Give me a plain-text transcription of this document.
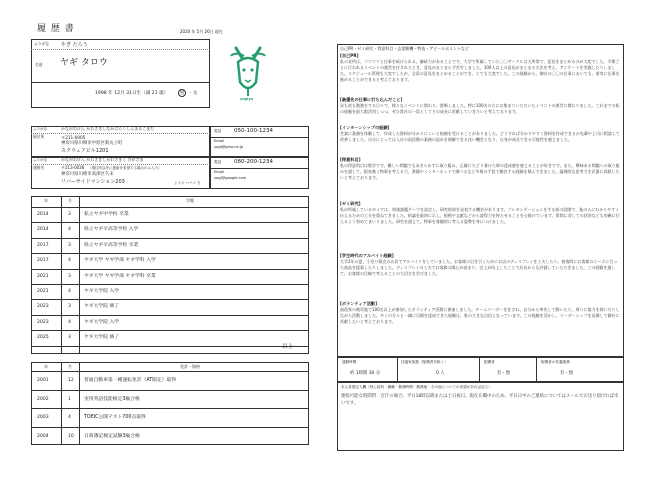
履 歴 書	2020 年 5月 26日 現在
ふりがな やぎ たろう
名前 ヤギ タロウ
1998 年 12月 31日生（満 21 歳）	男 ・ 女
yagiya
ふりがな	かながわけん かわさきしなかはらくしんまるこまち
現住所	〒211-0005
神奈川県川崎市中原区新丸子町
スクウェアビル1201
電話 050-100-1234
Email
yagi@gmo.ne.jp
ふりがな	かながわけん かわさきしかわさきく ひがさま
連絡先	〒213-0036 （現住所以外に連絡を希望する場合のみ入力）
神奈川県川崎市高津区久末
リバーサイドマンション203	ヒツジ ハナコ 方
電話 080-200-1234
Email
yagi@google.com
年	月	学歴
2014	3	私立ヤギ中学校 卒業
2014	4	県立ヤギ羊高等学校 入学
2017	3	県立ヤギ羊高等学校 卒業
2017	4	ヤギ大学 ヤギ学部 ヤギ学科 入学
2021	3	ヤギ大学 ヤギ学部 ヤギ学科 卒業
2021	4	ヤギ大学院 入学
2023	3	ヤギ大学院 修了
2023	4	ヤギ大学院 入学
2025	3	ヤギ大学院 修了
以上
年	月	免許・資格
2001	12 普通自動車第一種運転免許（AT限定）取得
2002	1	実用英語技能検定3級合格
2003	4	TOEIC公開テスト700点取得
2004	10 日商簿記検定試験3級合格
自己PR・ゼミ研究・得意科目・志望動機・特技・アピールポイントなど
[自己PR]
私の長所は、コツコツと仕事を続けられる、継続力があることです。大学で所属していた〇〇サークルは大所帯で、意見をまとめるのが大変でした。半期ごとに行われるイベントの運営を任されたとき、意見がまとまらず苦労しました。100人以上の意見がまとまる方法を考え、アンケートを実施したりしました。スケジュール管理も大変でしたが、全員の意見をまとめることができ、とても大変でした。この経験から、御社の〇〇の仕事においても、着実に仕事を進めることができると考えております。
[最優先の仕事に打ち込んだこと]
昼も夜も勉強をする日々で、様々なイベントに関わり、挑戦しました。特に100名の方にお集まりいただいたイベントの運営に携わりました。これまでの私の経験を最大限活用しつつ、ぜひ貴社の一員としてその成長に貢献していきたいと考えております。
[インターンシップの経験]
営業に業務を体験して、作成した資料が分かりにくいと指摘を受けることがありました。どうすれば分かりやすく資料を作成できるか先輩や上司に相談して改善しました。自分にとっては入社の前段階の業務の流れを理解できる良い機会となり、自身が成長できる可能性を感じました。
[得意科目]
私の得意科目は数学です。難しい問題でもあきらめずに取り組み、正解にたどり着けた時の達成感を感じることが好きです。また、興味ある問題への取り組みを通して、根気強く物事を考える力、書籍やインターネットで調べるなど多様の手段で解決する経験を積んできました。論理的な思考力を武器に貢献したいと考えております。
[ゼミ研究]
私が所属しているゼミでは、毎週課題テーマを設定し、研究結果を発表する機会があります。プレゼンテーションをする前の段階で、他の人にわかりやすく伝えるための工夫を重ねてきました。結論を最初に示し、根拠や文献などから説得力を持たせることを心掛けています。質問に対しての回答なども的確に行えるよう努めてまいりました。研究を通じて、物事を客観的に考える姿勢を身につけました。
[学生時代のアルバイト経験]
大学2年の夏、小売り販売のお店でアルバイトをしていました。お客様の目を引くためにお店のディスプレイを工夫したり、接客時にお客様のニーズに合った商品を提案したりしました。ディスプレイの工夫でお客様の関心が高まり、売上が向上したことで店長からも評価していただきました。この経験を通して、お客様の目線で考えることの大切さを学びました。
[ボランティア活動]
福島県の被災地で100名以上が参加したボランティア活動に参加しました。チームリーダーを任され、自分から率先して動いたり、周りに協力を仰いだりしながら活動しました。多くの方々と一緒に目標を達成できた経験は、私の大きな自信となっています。この経験を活かし、リーダーシップを発揮して御社に貢献したいと考えております。
通勤時間
約 1時間 30 分
扶養家族数（配偶者を除く）
0 人
配偶者
有・無
配偶者の扶養義務
有・無
本人希望記入欄（特に給料・職種・勤務時間・勤務地・その他についての希望があれば記入）
連絡可能な時間帯：官庁の場合、平日18時以降または土日祝日。現在在職中のため、平日日中のご連絡についてはメールでお送り頂ければ幸いです。
